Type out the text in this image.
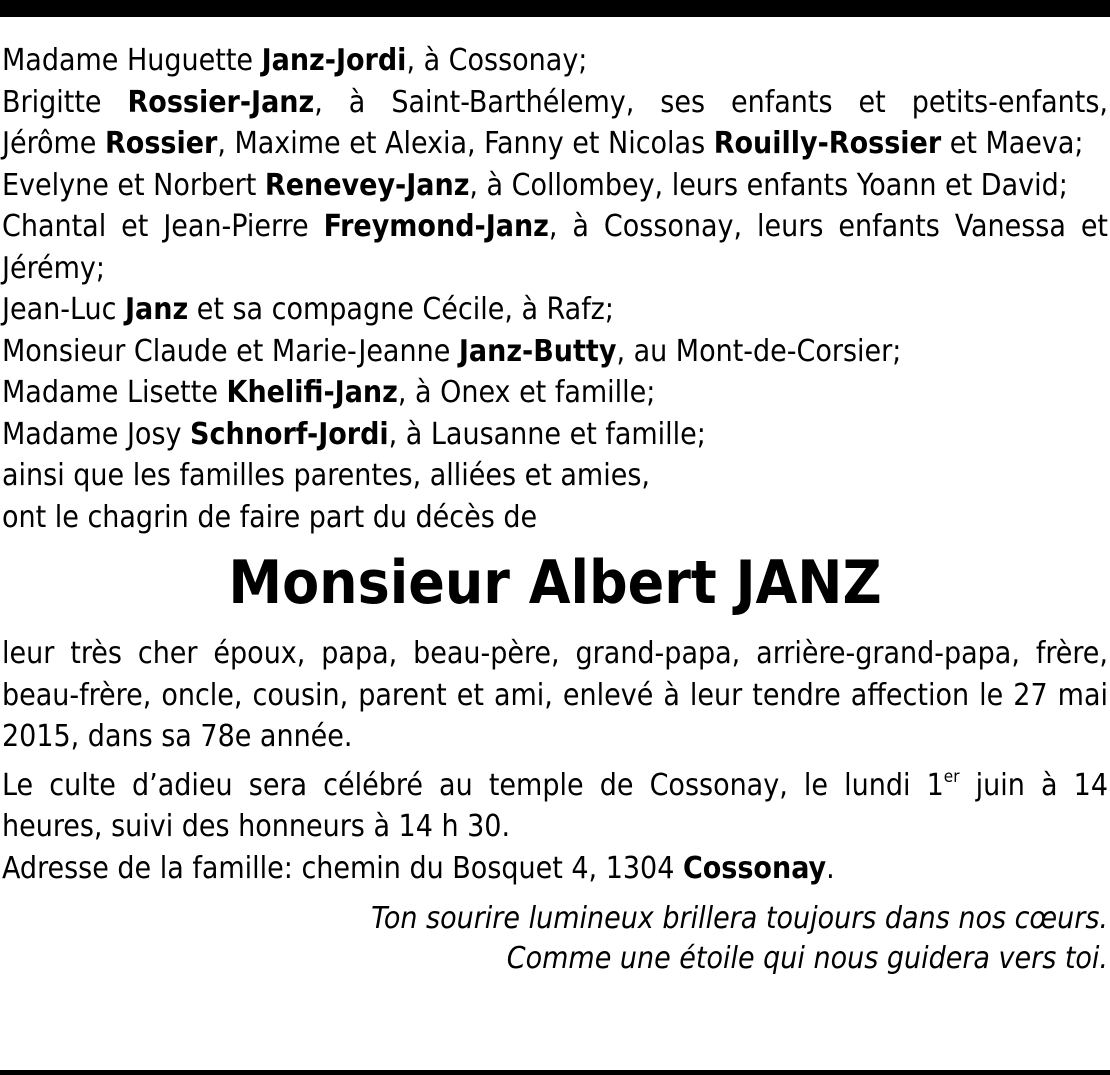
Madame Huguette Janz-Jordi, à Cossonay;
Brigitte Rossier-Janz, à Saint-Barthélemy, ses enfants et petits-enfants,
Jérôme Rossier, Maxime et Alexia, Fanny et Nicolas Rouilly-Rossier et Maeva;
Evelyne et Norbert Renevey-Janz, à Collombey, leurs enfants Yoann et David;
Chantal et Jean-Pierre Freymond-Janz, à Cossonay, leurs enfants Vanessa et Jérémy;
Jean-Luc Janz et sa compagne Cécile, à Rafz;
Monsieur Claude et Marie-Jeanne Janz-Butty, au Mont-de-Corsier;
Madame Lisette Khelifi-Janz, à Onex et famille;
Madame Josy Schnorf-Jordi, à Lausanne et famille;
ainsi que les familles parentes, alliées et amies,
ont le chagrin de faire part du décès de
Monsieur Albert JANZ
leur très cher époux, papa, beau-père, grand-papa, arrière-grand-papa, frère, beau-frère, oncle, cousin, parent et ami, enlevé à leur tendre affection le 27 mai 2015, dans sa 78e année.
Le culte d’adieu sera célébré au temple de Cossonay, le lundi 1er juin à 14 heures, suivi des honneurs à 14 h 30.
Adresse de la famille: chemin du Bosquet 4, 1304 Cossonay.
Ton sourire lumineux brillera toujours dans nos cœurs.
Comme une étoile qui nous guidera vers toi.
